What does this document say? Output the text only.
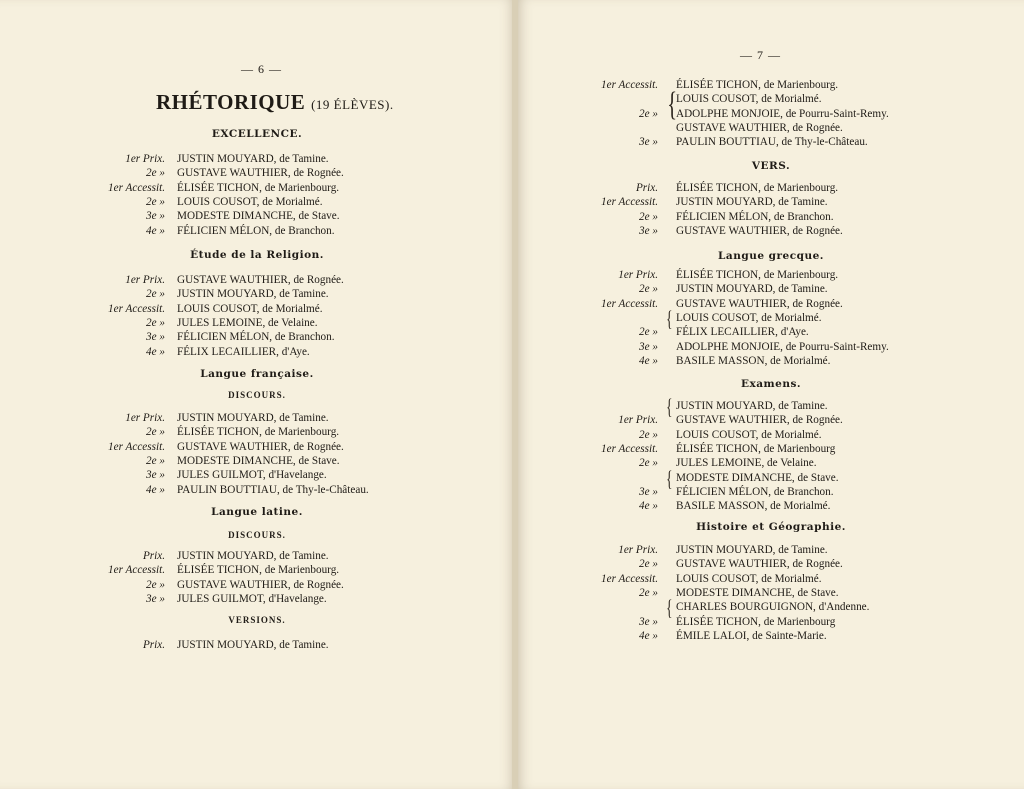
— 6 —
RHÉTORIQUE (19 ÉLÈVES).
EXCELLENCE.
1er Prix. JUSTIN MOUYARD, de Tamine.
2e » GUSTAVE WAUTHIER, de Rognée.
1er Accessit. ÉLISÉE TICHON, de Marienbourg.
2e » LOUIS COUSOT, de Morialmé.
3e » MODESTE DIMANCHE, de Stave.
4e » FÉLICIEN MÉLON, de Branchon.
Étude de la Religion.
1er Prix. GUSTAVE WAUTHIER, de Rognée.
2e » JUSTIN MOUYARD, de Tamine.
1er Accessit. LOUIS COUSOT, de Morialmé.
2e » JULES LEMOINE, de Velaine.
3e » FÉLICIEN MÉLON, de Branchon.
4e » FÉLIX LECAILLIER, d'Aye.
Langue française.
DISCOURS.
1er Prix. JUSTIN MOUYARD, de Tamine.
2e » ÉLISÉE TICHON, de Marienbourg.
1er Accessit. GUSTAVE WAUTHIER, de Rognée.
2e » MODESTE DIMANCHE, de Stave.
3e » JULES GUILMOT, d'Havelange.
4e » PAULIN BOUTTIAU, de Thy-le-Château.
Langue latine.
DISCOURS.
Prix. JUSTIN MOUYARD, de Tamine.
1er Accessit. ÉLISÉE TICHON, de Marienbourg.
2e » GUSTAVE WAUTHIER, de Rognée.
3e » JULES GUILMOT, d'Havelange.
VERSIONS.
Prix. JUSTIN MOUYARD, de Tamine.
— 7 —
1er Accessit. ÉLISÉE TICHON, de Marienbourg.
LOUIS COUSOT, de Morialmé.
2e » ADOLPHE MONJOIE, de Pourru-Saint-Remy.
GUSTAVE WAUTHIER, de Rognée.
3e » PAULIN BOUTTIAU, de Thy-le-Château.
VERS.
Prix. ÉLISÉE TICHON, de Marienbourg.
1er Accessit. JUSTIN MOUYARD, de Tamine.
2e » FÉLICIEN MÉLON, de Branchon.
3e » GUSTAVE WAUTHIER, de Rognée.
Langue grecque.
1er Prix. ÉLISÉE TICHON, de Marienbourg.
2e » JUSTIN MOUYARD, de Tamine.
1er Accessit. GUSTAVE WAUTHIER, de Rognée.
LOUIS COUSOT, de Morialmé.
2e » FÉLIX LECAILLIER, d'Aye.
3e » ADOLPHE MONJOIE, de Pourru-Saint-Remy.
4e » BASILE MASSON, de Morialmé.
Examens.
JUSTIN MOUYARD, de Tamine.
1er Prix. GUSTAVE WAUTHIER, de Rognée.
2e » LOUIS COUSOT, de Morialmé.
1er Accessit. ÉLISÉE TICHON, de Marienbourg
2e » JULES LEMOINE, de Velaine.
MODESTE DIMANCHE, de Stave.
3e » FÉLICIEN MÉLON, de Branchon.
4e » BASILE MASSON, de Morialmé.
Histoire et Géographie.
1er Prix. JUSTIN MOUYARD, de Tamine.
2e » GUSTAVE WAUTHIER, de Rognée.
1er Accessit. LOUIS COUSOT, de Morialmé.
2e » MODESTE DIMANCHE, de Stave.
CHARLES BOURGUIGNON, d'Andenne.
3e » ÉLISÉE TICHON, de Marienbourg
4e » ÉMILE LALOI, de Sainte-Marie.
{
{
{
{
{
